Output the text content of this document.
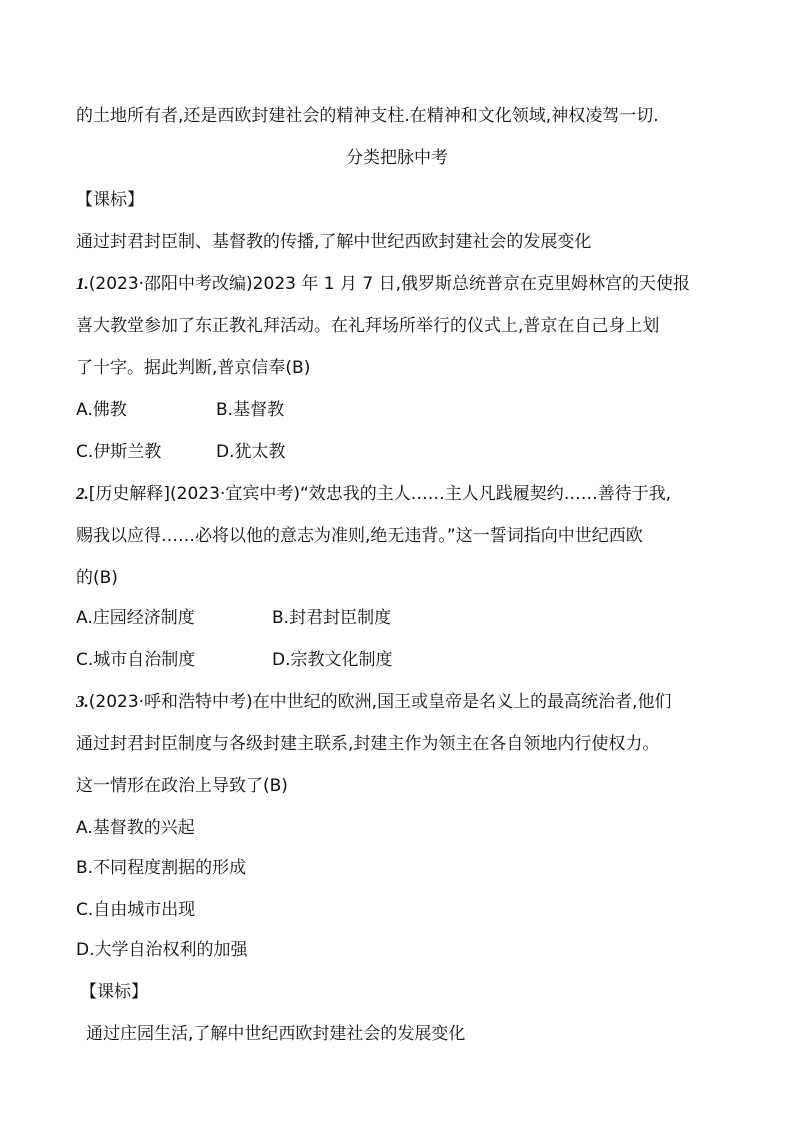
的土地所有者,还是西欧封建社会的精神支柱.在精神和文化领域,神权凌驾一切.
分类把脉中考
【课标】
通过封君封臣制、基督教的传播,了解中世纪西欧封建社会的发展变化
1.(2023·邵阳中考改编)2023 年 1 月 7 日,俄罗斯总统普京在克里姆林宫的天使报
喜大教堂参加了东正教礼拜活动。在礼拜场所举行的仪式上,普京在自己身上划
了十字。据此判断,普京信奉(B)
A.佛教	B.基督教
C.伊斯兰教	D.犹太教
2.[历史解释](2023·宜宾中考)“效忠我的主人……主人凡践履契约……善待于我,
赐我以应得……必将以他的意志为准则,绝无违背。”这一誓词指向中世纪西欧
的(B)
A.庄园经济制度	B.封君封臣制度
C.城市自治制度	D.宗教文化制度
3.(2023·呼和浩特中考)在中世纪的欧洲,国王或皇帝是名义上的最高统治者,他们
通过封君封臣制度与各级封建主联系,封建主作为领主在各自领地内行使权力。
这一情形在政治上导致了(B)
A.基督教的兴起
B.不同程度割据的形成
C.自由城市出现
D.大学自治权利的加强
【课标】
通过庄园生活,了解中世纪西欧封建社会的发展变化
